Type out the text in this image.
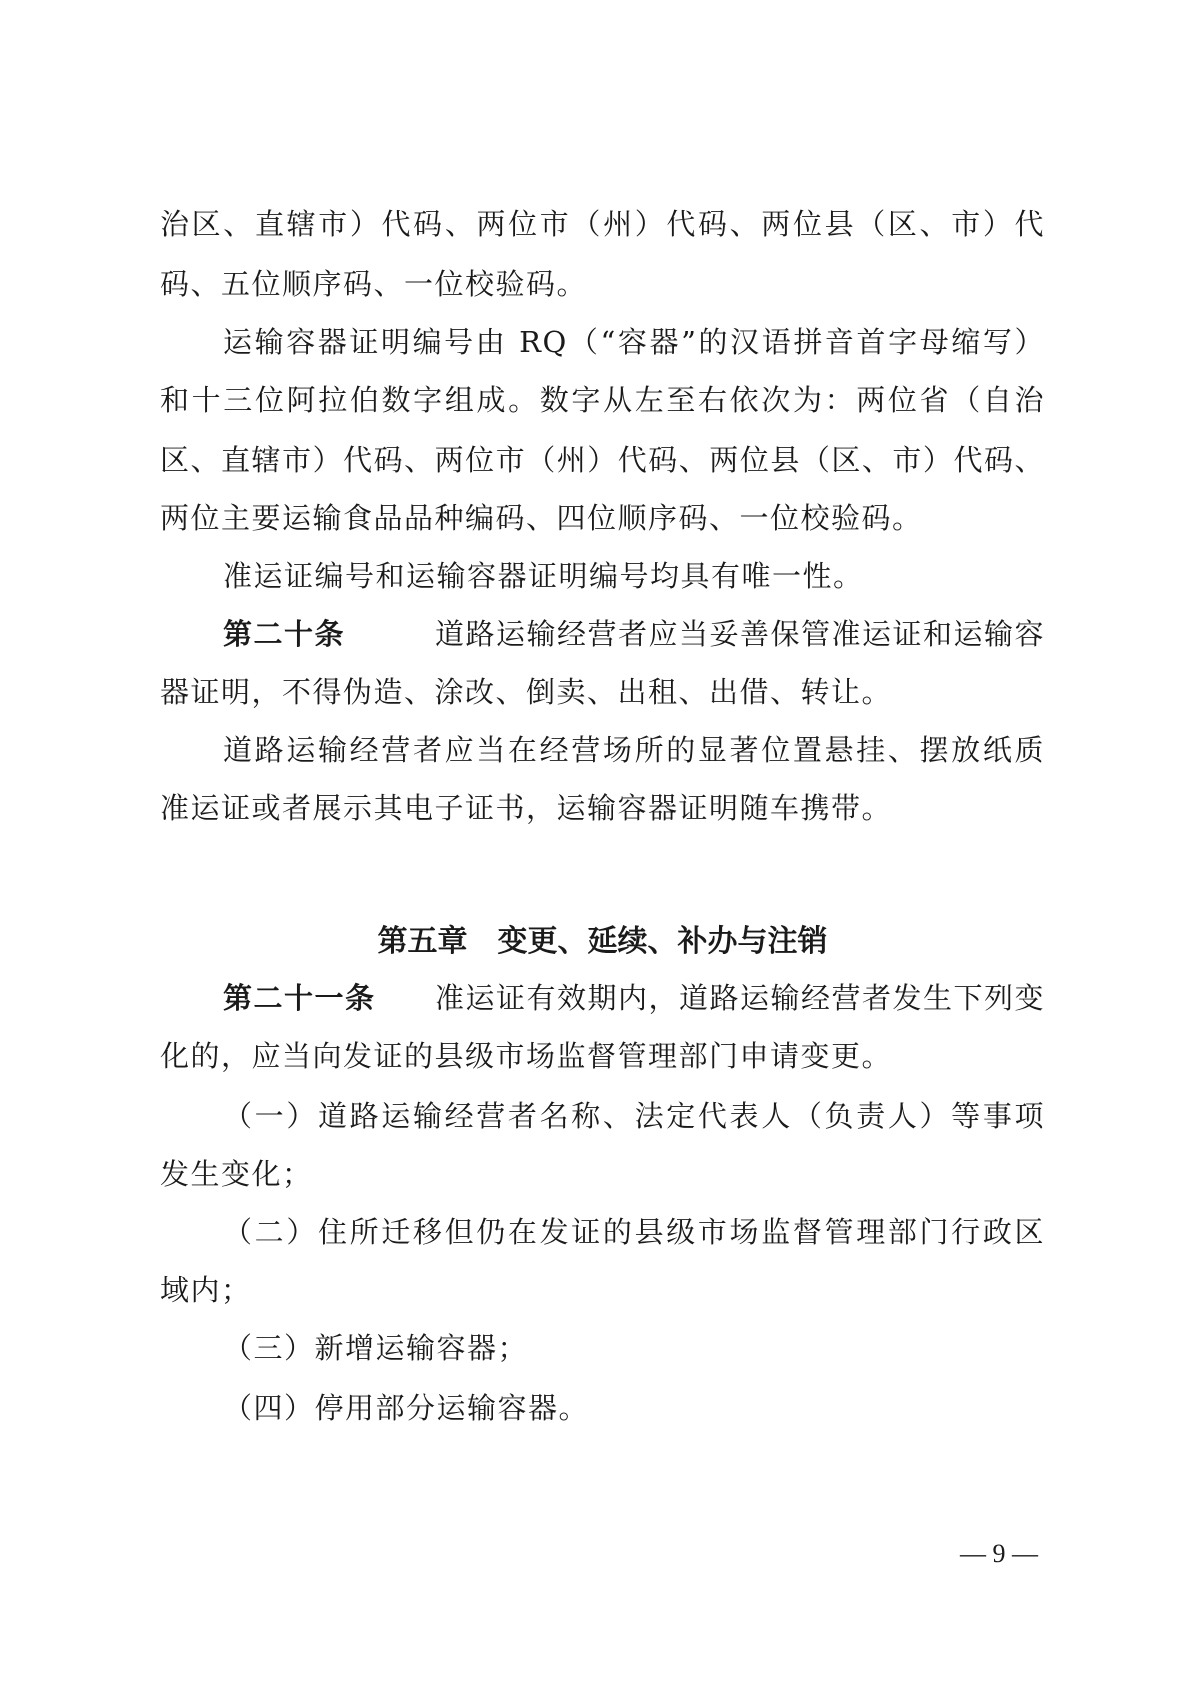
治区、直辖市）代码、两位市（州）代码、两位县（区、市）代
码、五位顺序码、一位校验码。
运输容器证明编号由 RQ（“容器”的汉语拼音首字母缩写）
和十三位阿拉伯数字组成。数字从左至右依次为：两位省（自治
区、直辖市）代码、两位市（州）代码、两位县（区、市）代码、
两位主要运输食品品种编码、四位顺序码、一位校验码。
准运证编号和运输容器证明编号均具有唯一性。
第二十条	道路运输经营者应当妥善保管准运证和运输容
器证明，不得伪造、涂改、倒卖、出租、出借、转让。
道路运输经营者应当在经营场所的显著位置悬挂、摆放纸质
准运证或者展示其电子证书，运输容器证明随车携带。
第五章　变更、延续、补办与注销
第二十一条 准运证有效期内，道路运输经营者发生下列变
化的，应当向发证的县级市场监督管理部门申请变更。
（一）道路运输经营者名称、法定代表人（负责人）等事项
发生变化；
（二）住所迁移但仍在发证的县级市场监督管理部门行政区
域内；
（三）新增运输容器；
（四）停用部分运输容器。
— 9 —
